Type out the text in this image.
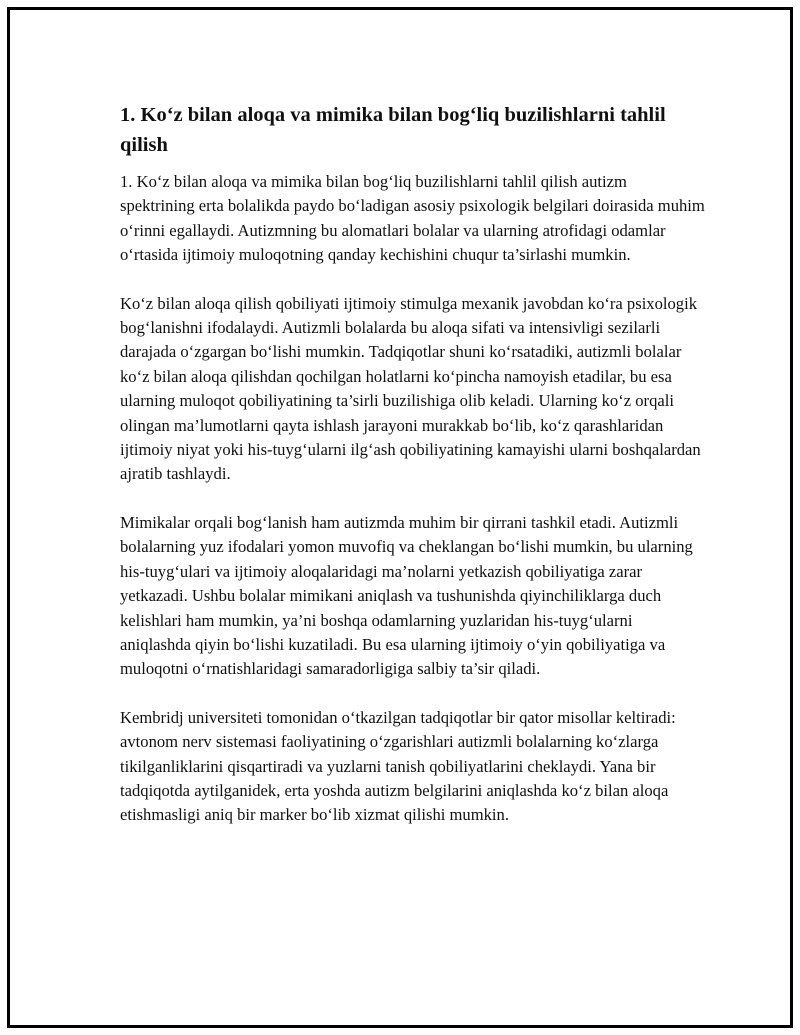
1. Ko‘z bilan aloqa va mimika bilan bog‘liq buzilishlarni tahlil qilish

1. Ko‘z bilan aloqa va mimika bilan bog‘liq buzilishlarni tahlil qilish autizm spektrining erta bolalikda paydo bo‘ladigan asosiy psixologik belgilari doirasida muhim o‘rinni egallaydi. Autizmning bu alomatlari bolalar va ularning atrofidagi odamlar o‘rtasida ijtimoiy muloqotning qanday kechishini chuqur ta’sirlashi mumkin.

Ko‘z bilan aloqa qilish qobiliyati ijtimoiy stimulga mexanik javobdan ko‘ra psixologik bog‘lanishni ifodalaydi. Autizmli bolalarda bu aloqa sifati va intensivligi sezilarli darajada o‘zgargan bo‘lishi mumkin. Tadqiqotlar shuni ko‘rsatadiki, autizmli bolalar ko‘z bilan aloqa qilishdan qochilgan holatlarni ko‘pincha namoyish etadilar, bu esa ularning muloqot qobiliyatining ta’sirli buzilishiga olib keladi. Ularning ko‘z orqali olingan ma’lumotlarni qayta ishlash jarayoni murakkab bo‘lib, ko‘z qarashlaridan ijtimoiy niyat yoki his-tuyg‘ularni ilg‘ash qobiliyatining kamayishi ularni boshqalardan ajratib tashlaydi.

Mimikalar orqali bog‘lanish ham autizmda muhim bir qirrani tashkil etadi. Autizmli bolalarning yuz ifodalari yomon muvofiq va cheklangan bo‘lishi mumkin, bu ularning his-tuyg‘ulari va ijtimoiy aloqalaridagi ma’nolarni yetkazish qobiliyatiga zarar yetkazadi. Ushbu bolalar mimikani aniqlash va tushunishda qiyinchiliklarga duch kelishlari ham mumkin, ya’ni boshqa odamlarning yuzlaridan his-tuyg‘ularni aniqlashda qiyin bo‘lishi kuzatiladi. Bu esa ularning ijtimoiy o‘yin qobiliyatiga va muloqotni o‘rnatishlaridagi samaradorligiga salbiy ta’sir qiladi.

Kembridj universiteti tomonidan o‘tkazilgan tadqiqotlar bir qator misollar keltiradi: avtonom nerv sistemasi faoliyatining o‘zgarishlari autizmli bolalarning ko‘zlarga tikilganliklarini qisqartiradi va yuzlarni tanish qobiliyatlarini cheklaydi. Yana bir tadqiqotda aytilganidek, erta yoshda autizm belgilarini aniqlashda ko‘z bilan aloqa etishmasligi aniq bir marker bo‘lib xizmat qilishi mumkin.
